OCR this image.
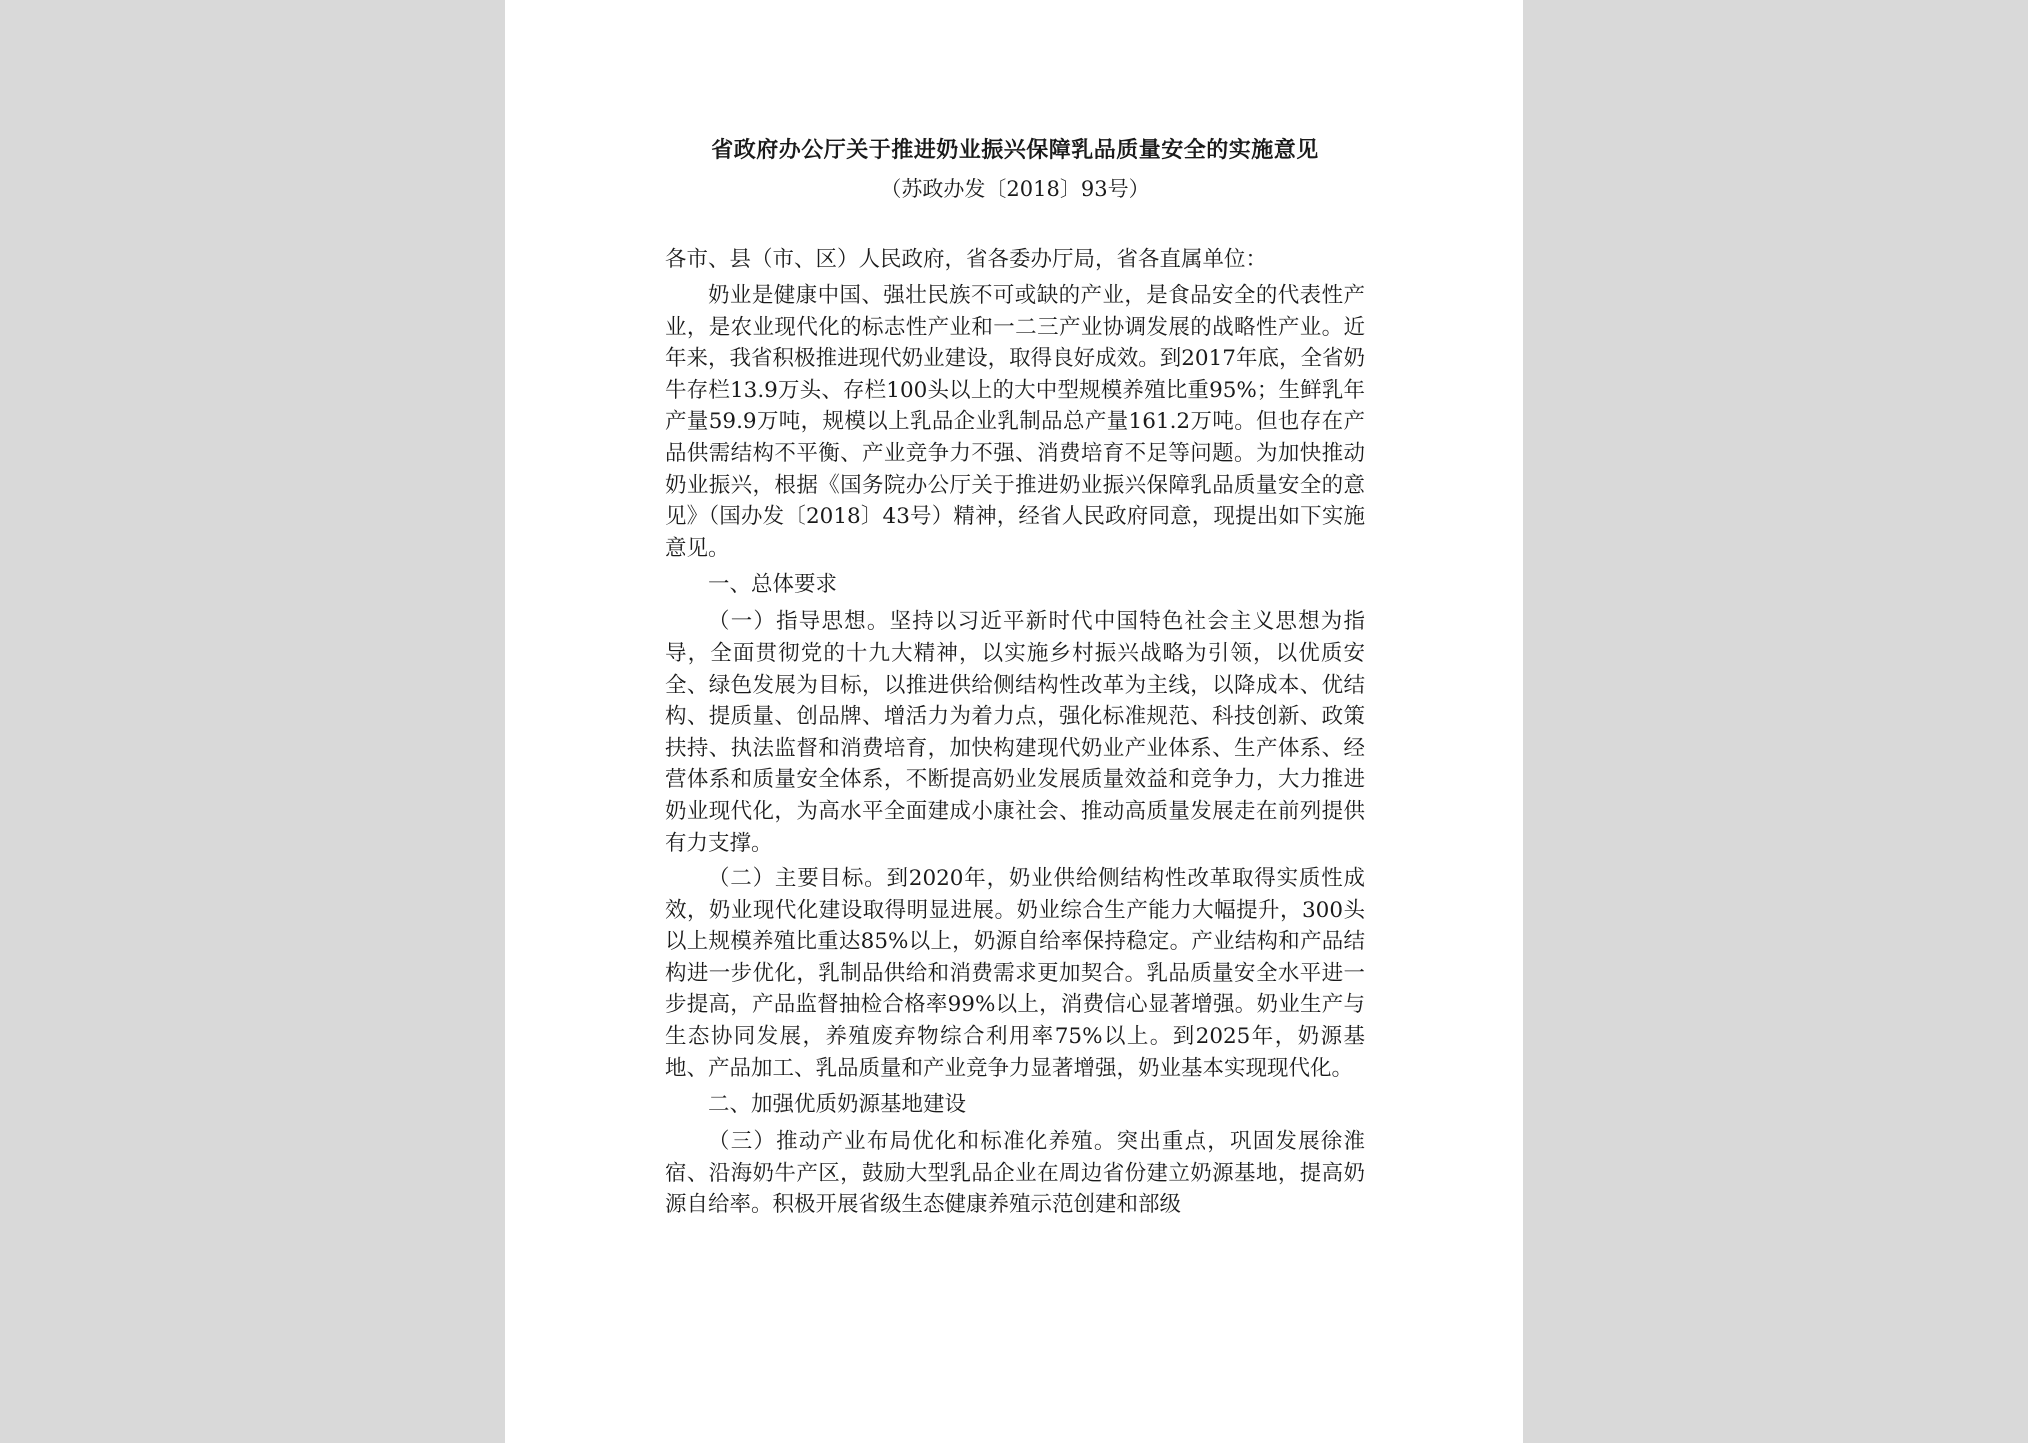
省政府办公厅关于推进奶业振兴保障乳品质量安全的实施意见
（苏政办发〔2018〕93号）
各市、县（市、区）人民政府，省各委办厅局，省各直属单位：

奶业是健康中国、强壮民族不可或缺的产业，是食品安全的代表性产业，是农业现代化的标志性产业和一二三产业协调发展的战略性产业。近年来，我省积极推进现代奶业建设，取得良好成效。到2017年底，全省奶牛存栏13.9万头、存栏100头以上的大中型规模养殖比重95%；生鲜乳年产量59.9万吨，规模以上乳品企业乳制品总产量161.2万吨。但也存在产品供需结构不平衡、产业竞争力不强、消费培育不足等问题。为加快推动奶业振兴，根据《国务院办公厅关于推进奶业振兴保障乳品质量安全的意见》（国办发〔2018〕43号）精神，经省人民政府同意，现提出如下实施意见。

一、总体要求

（一）指导思想。坚持以习近平新时代中国特色社会主义思想为指导，全面贯彻党的十九大精神，以实施乡村振兴战略为引领，以优质安全、绿色发展为目标，以推进供给侧结构性改革为主线，以降成本、优结构、提质量、创品牌、增活力为着力点，强化标准规范、科技创新、政策扶持、执法监督和消费培育，加快构建现代奶业产业体系、生产体系、经营体系和质量安全体系，不断提高奶业发展质量效益和竞争力，大力推进奶业现代化，为高水平全面建成小康社会、推动高质量发展走在前列提供有力支撑。

（二）主要目标。到2020年，奶业供给侧结构性改革取得实质性成效，奶业现代化建设取得明显进展。奶业综合生产能力大幅提升，300头以上规模养殖比重达85%以上，奶源自给率保持稳定。产业结构和产品结构进一步优化，乳制品供给和消费需求更加契合。乳品质量安全水平进一步提高，产品监督抽检合格率99%以上，消费信心显著增强。奶业生产与生态协同发展，养殖废弃物综合利用率75%以上。到2025年，奶源基地、产品加工、乳品质量和产业竞争力显著增强，奶业基本实现现代化。

二、加强优质奶源基地建设

（三）推动产业布局优化和标准化养殖。突出重点，巩固发展徐淮宿、沿海奶牛产区，鼓励大型乳品企业在周边省份建立奶源基地，提高奶源自给率。积极开展省级生态健康养殖示范创建和部级
